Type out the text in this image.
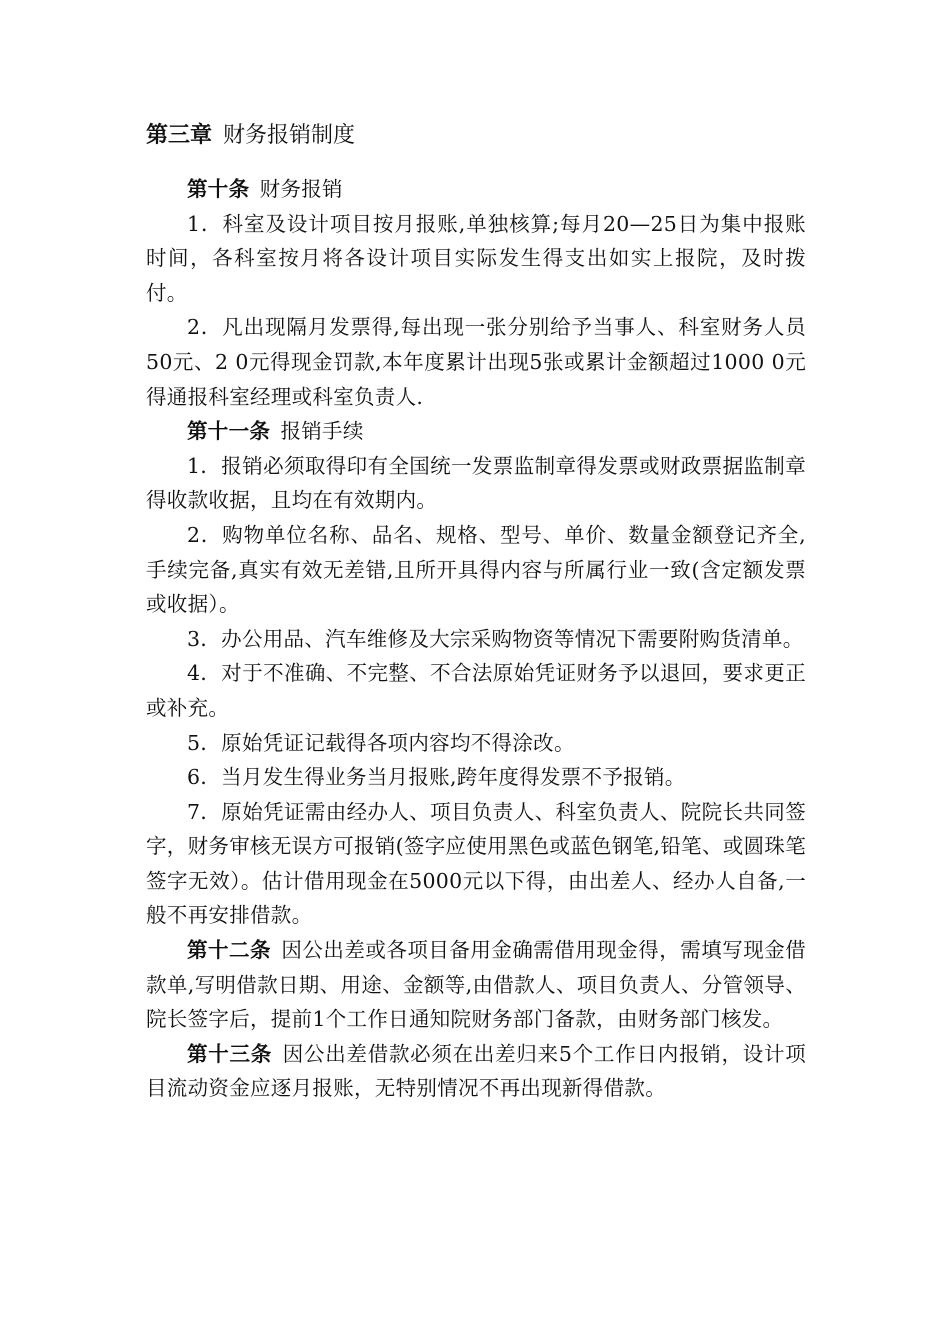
第三章 财务报销制度

第十条 财务报销

1．科室及设计项目按月报账,单独核算;每月20—25日为集中报账时间，各科室按月将各设计项目实际发生得支出如实上报院，及时拨付。

2．凡出现隔月发票得,每出现一张分别给予当事人、科室财务人员50元、2 0元得现金罚款,本年度累计出现5张或累计金额超过1000 0元得通报科室经理或科室负责人.

第十一条 报销手续

1．报销必须取得印有全国统一发票监制章得发票或财政票据监制章得收款收据，且均在有效期内。

2．购物单位名称、品名、规格、型号、单价、数量金额登记齐全,手续完备,真实有效无差错,且所开具得内容与所属行业一致(含定额发票或收据）。

3．办公用品、汽车维修及大宗采购物资等情况下需要附购货清单。

4．对于不准确、不完整、不合法原始凭证财务予以退回，要求更正或补充。

5．原始凭证记载得各项内容均不得涂改。

6．当月发生得业务当月报账,跨年度得发票不予报销。

7．原始凭证需由经办人、项目负责人、科室负责人、院院长共同签字，财务审核无误方可报销(签字应使用黑色或蓝色钢笔,铅笔、或圆珠笔签字无效）。估计借用现金在5000元以下得，由出差人、经办人自备,一般不再安排借款。

第十二条 因公出差或各项目备用金确需借用现金得，需填写现金借款单,写明借款日期、用途、金额等,由借款人、项目负责人、分管领导、院长签字后，提前1个工作日通知院财务部门备款，由财务部门核发。

第十三条 因公出差借款必须在出差归来5个工作日内报销，设计项目流动资金应逐月报账，无特别情况不再出现新得借款。
